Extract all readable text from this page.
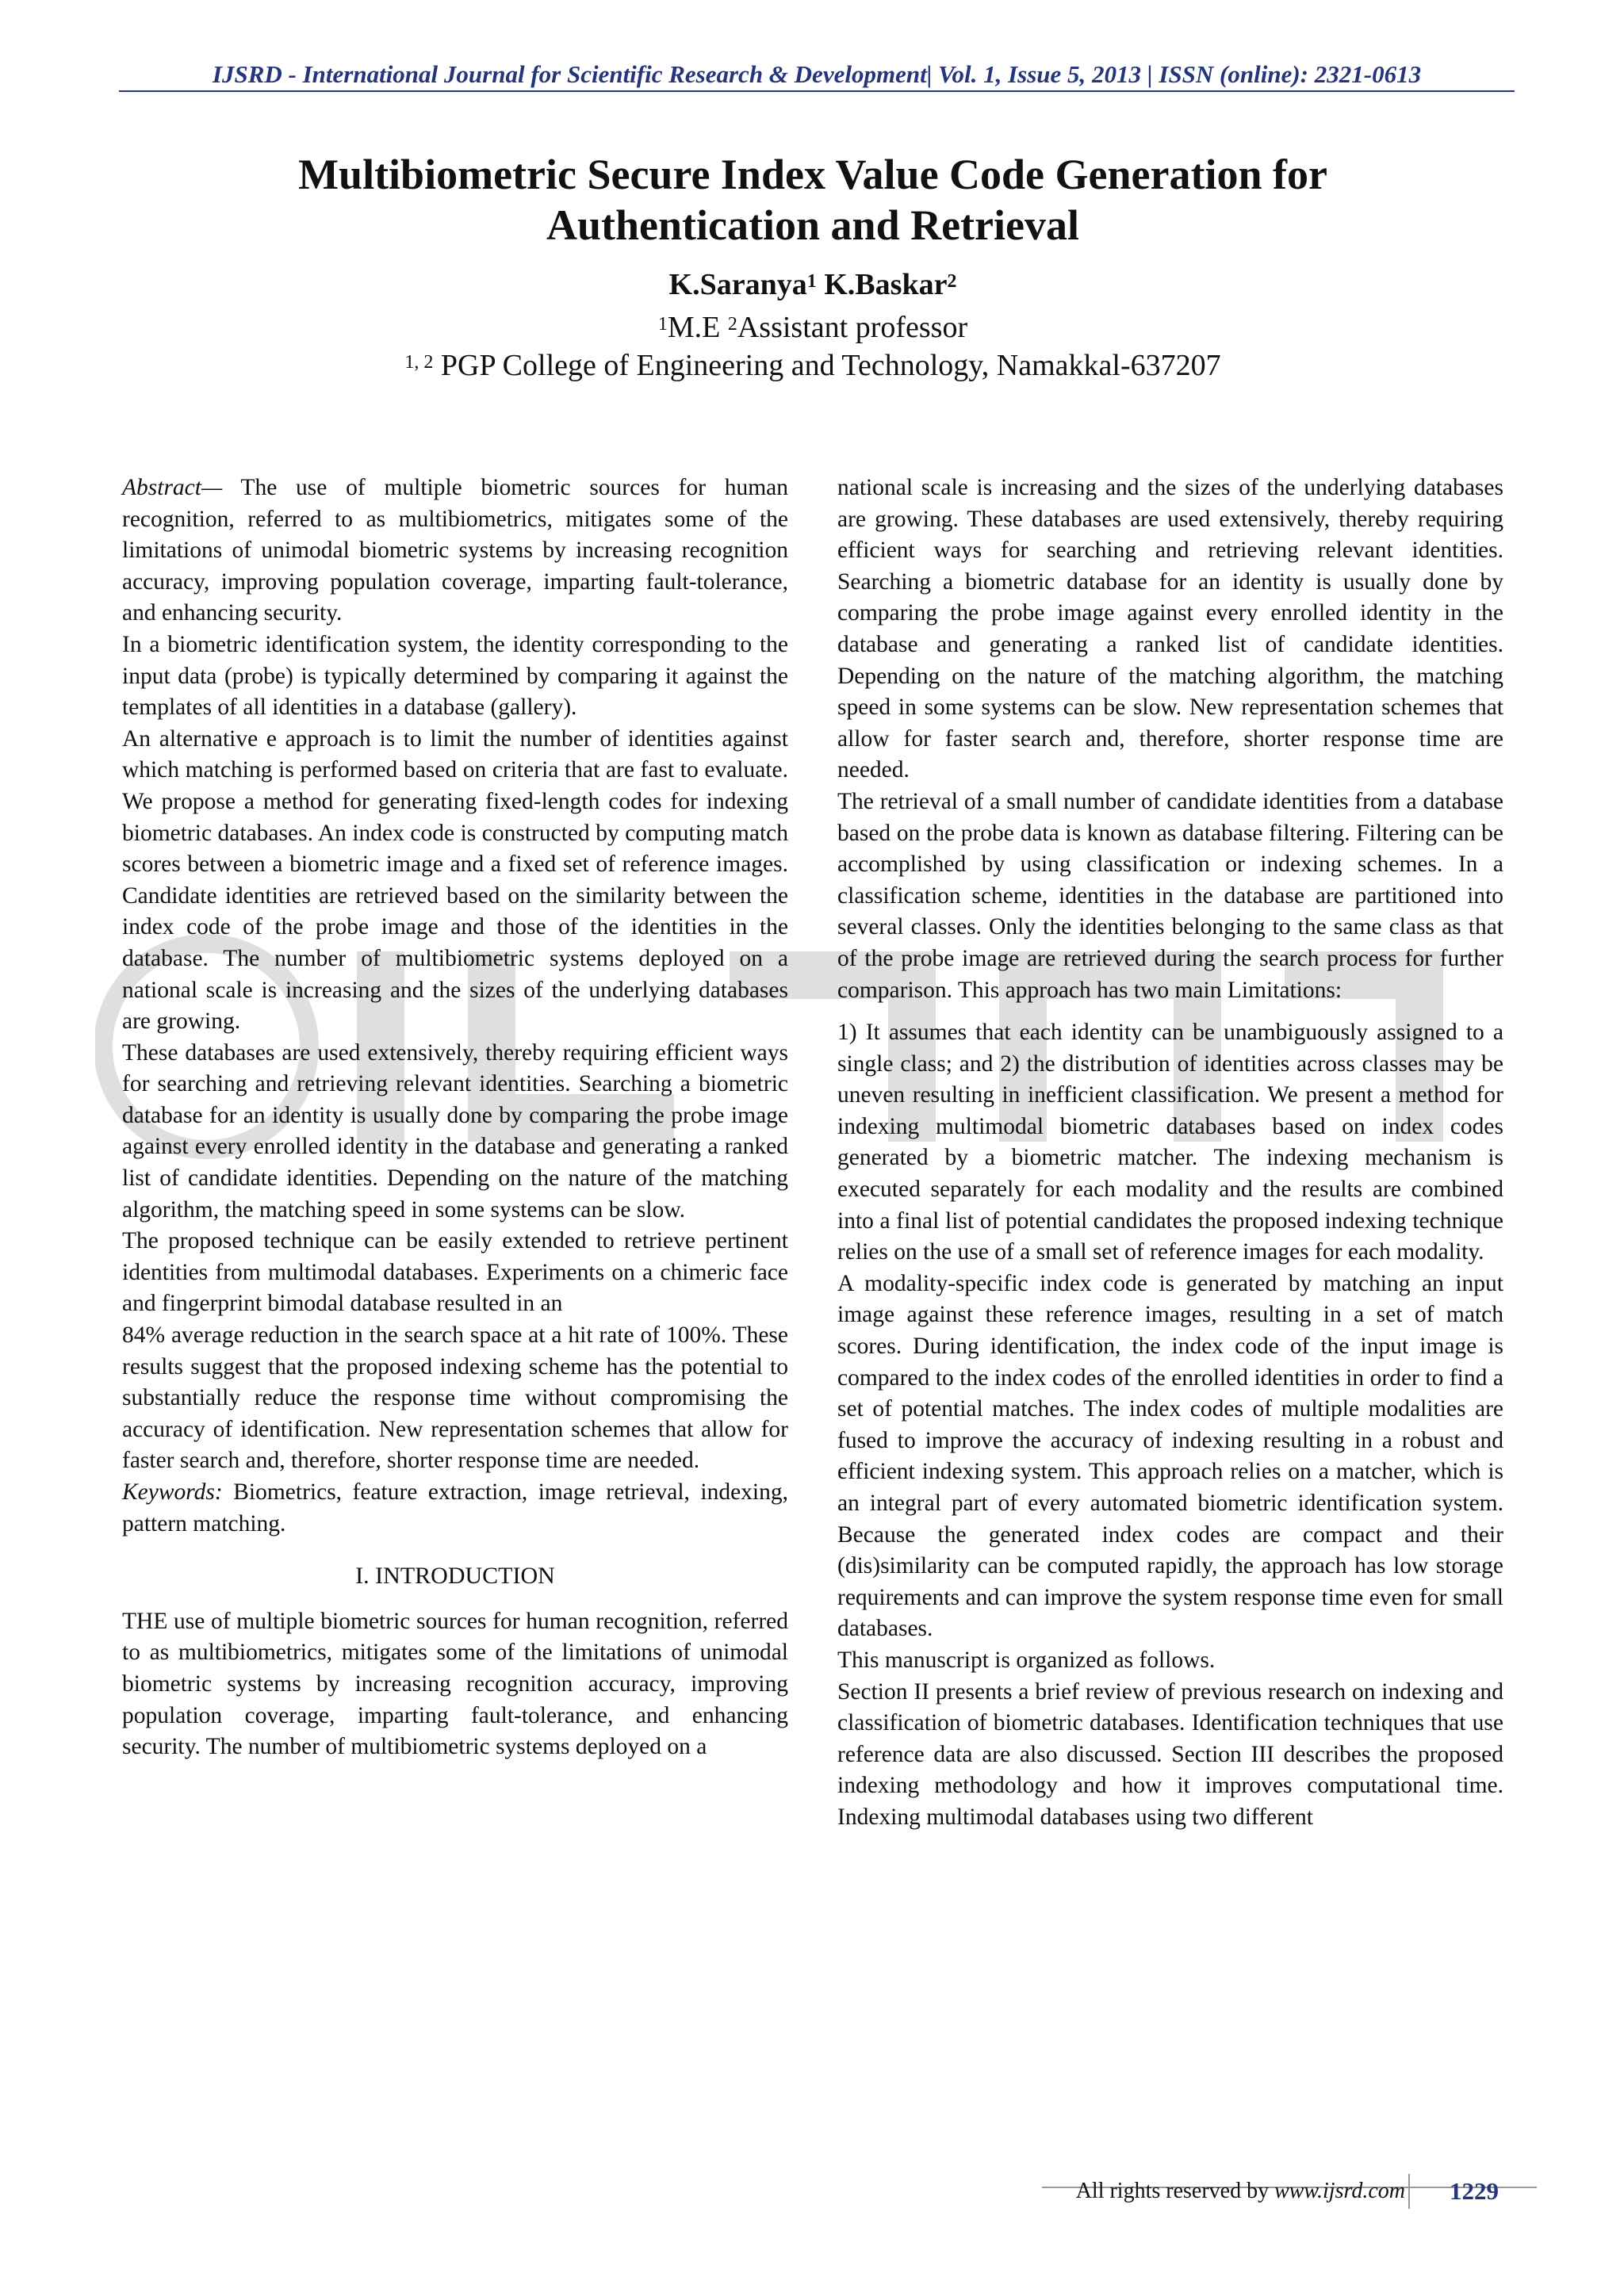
IJSRD - International Journal for Scientific Research & Development| Vol. 1, Issue 5, 2013 | ISSN (online): 2321-0613
Multibiometric Secure Index Value Code Generation for
Authentication and Retrieval
K.Saranya$^1$ K.Baskar$^2$
$^1$M.E $^2$Assistant professor
$^{1, 2}$ PGP College of Engineering and Technology, Namakkal-637207

Abstract— The use of multiple biometric sources for human recognition, referred to as multibiometrics, mitigates some of the limitations of unimodal biometric systems by increasing recognition accuracy, improving population coverage, imparting fault-tolerance, and enhancing security.

In a biometric identification system, the identity corresponding to the input data (probe) is typically determined by comparing it against the templates of all identities in a database (gallery).

An alternative e approach is to limit the number of identities against which matching is performed based on criteria that are fast to evaluate. We propose a method for generating fixed-length codes for indexing biometric databases. An index code is constructed by computing match scores between a biometric image and a fixed set of reference images. Candidate identities are retrieved based on the similarity between the index code of the probe image and those of the identities in the database. The number of multibiometric systems deployed on a national scale is increasing and the sizes of the underlying databases are growing.

These databases are used extensively, thereby requiring efficient ways for searching and retrieving relevant identities. Searching a biometric database for an identity is usually done by comparing the probe image against every enrolled identity in the database and generating a ranked list of candidate identities. Depending on the nature of the matching algorithm, the matching speed in some systems can be slow.

The proposed technique can be easily extended to retrieve pertinent identities from multimodal databases. Experiments on a chimeric face and fingerprint bimodal database resulted in an

84% average reduction in the search space at a hit rate of 100%. These results suggest that the proposed indexing scheme has the potential to substantially reduce the response time without compromising the accuracy of identification. New representation schemes that allow for faster search and, therefore, shorter response time are needed.

Keywords: Biometrics, feature extraction, image retrieval, indexing, pattern matching.

I. INTRODUCTION

THE use of multiple biometric sources for human recognition, referred to as multibiometrics, mitigates some of the limitations of unimodal biometric systems by increasing recognition accuracy, improving population coverage, imparting fault-tolerance, and enhancing security. The number of multibiometric systems deployed on a

national scale is increasing and the sizes of the underlying databases are growing. These databases are used extensively, thereby requiring efficient ways for searching and retrieving relevant identities. Searching a biometric database for an identity is usually done by comparing the probe image against every enrolled identity in the database and generating a ranked list of candidate identities. Depending on the nature of the matching algorithm, the matching speed in some systems can be slow. New representation schemes that allow for faster search and, therefore, shorter response time are needed.

The retrieval of a small number of candidate identities from a database based on the probe data is known as database filtering. Filtering can be accomplished by using classification or indexing schemes. In a classification scheme, identities in the database are partitioned into several classes. Only the identities belonging to the same class as that of the probe image are retrieved during the search process for further comparison. This approach has two main Limitations:

1) It assumes that each identity can be unambiguously assigned to a single class; and 2) the distribution of identities across classes may be uneven resulting in inefficient classification. We present a method for indexing multimodal biometric databases based on index codes generated by a biometric matcher. The indexing mechanism is executed separately for each modality and the results are combined into a final list of potential candidates the proposed indexing technique relies on the use of a small set of reference images for each modality.

A modality-specific index code is generated by matching an input image against these reference images, resulting in a set of match scores. During identification, the index code of the input image is compared to the index codes of the enrolled identities in order to find a set of potential matches. The index codes of multiple modalities are fused to improve the accuracy of indexing resulting in a robust and efficient indexing system. This approach relies on a matcher, which is an integral part of every automated biometric identification system. Because the generated index codes are compact and their (dis)similarity can be computed rapidly, the approach has low storage requirements and can improve the system response time even for small databases.

This manuscript is organized as follows.

Section II presents a brief review of previous research on indexing and classification of biometric databases. Identification techniques that use reference data are also discussed. Section III describes the proposed indexing methodology and how it improves computational time. Indexing multimodal databases using two different

All rights reserved by www.ijsrd.com	1229
